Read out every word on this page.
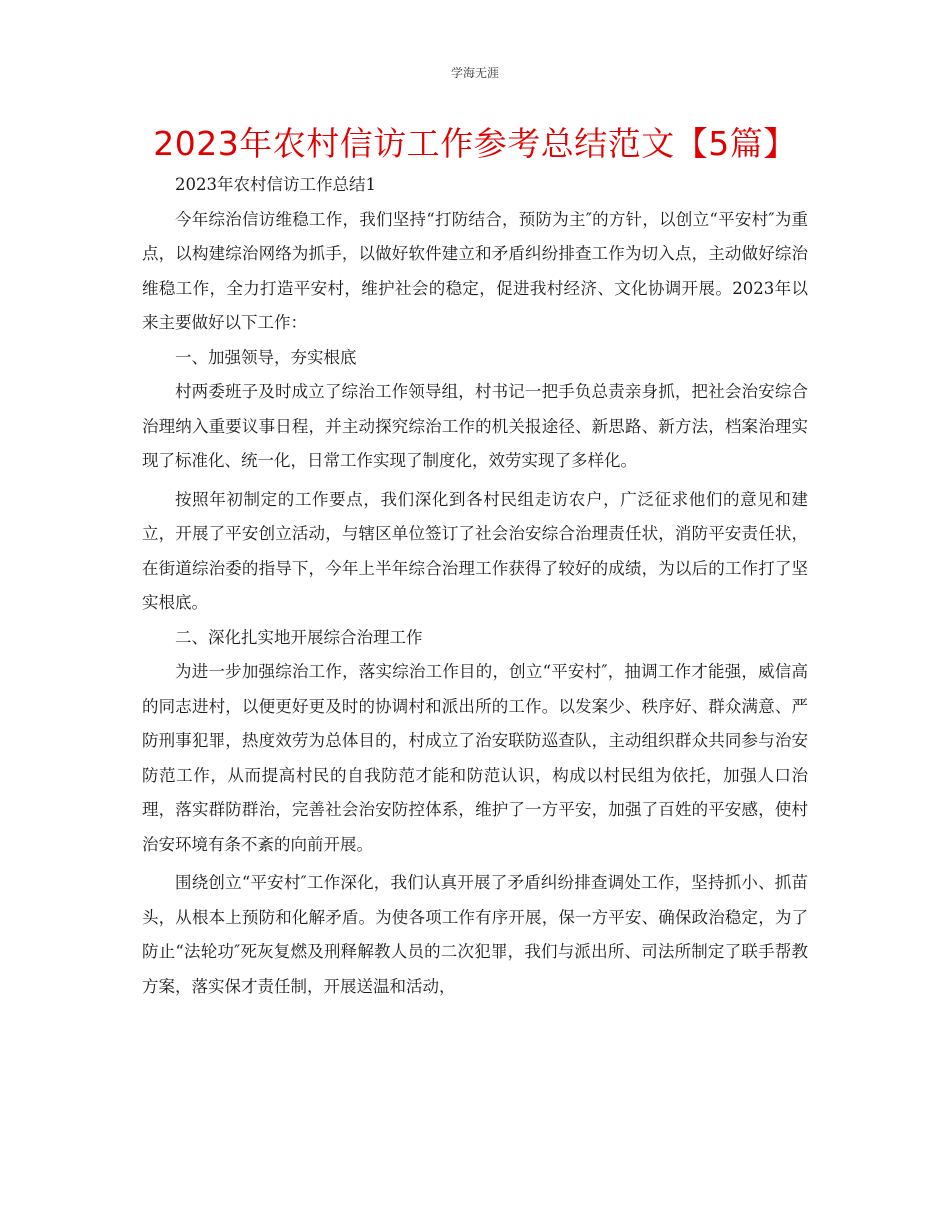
学海无涯
2023年农村信访工作参考总结范文【5篇】

2023年农村信访工作总结1

今年综治信访维稳工作，我们坚持“打防结合，预防为主″的方针，以创立“平安村″为重点，以构建综治网络为抓手，以做好软件建立和矛盾纠纷排查工作为切入点，主动做好综治维稳工作，全力打造平安村，维护社会的稳定，促进我村经济、文化协调开展。2023年以来主要做好以下工作：

一、加强领导，夯实根底

村两委班子及时成立了综治工作领导组，村书记一把手负总责亲身抓，把社会治安综合治理纳入重要议事日程，并主动探究综治工作的机关报途径、新思路、新方法，档案治理实现了标准化、统一化，日常工作实现了制度化，效劳实现了多样化。

按照年初制定的工作要点，我们深化到各村民组走访农户，广泛征求他们的意见和建立，开展了平安创立活动，与辖区单位签订了社会治安综合治理责任状，消防平安责任状，在街道综治委的指导下，今年上半年综合治理工作获得了较好的成绩，为以后的工作打了坚实根底。

二、深化扎实地开展综合治理工作

为进一步加强综治工作，落实综治工作目的，创立“平安村″，抽调工作才能强，威信高的同志进村，以便更好更及时的协调村和派出所的工作。以发案少、秩序好、群众满意、严防刑事犯罪，热度效劳为总体目的，村成立了治安联防巡查队，主动组织群众共同参与治安防范工作，从而提高村民的自我防范才能和防范认识，构成以村民组为依托，加强人口治理，落实群防群治，完善社会治安防控体系，维护了一方平安，加强了百姓的平安感，使村治安环境有条不紊的向前开展。

围绕创立“平安村″工作深化，我们认真开展了矛盾纠纷排查调处工作，坚持抓小、抓苗头，从根本上预防和化解矛盾。为使各项工作有序开展，保一方平安、确保政治稳定，为了防止“法轮功″死灰复燃及刑释解教人员的二次犯罪，我们与派出所、司法所制定了联手帮教方案，落实保才责任制，开展送温和活动，
